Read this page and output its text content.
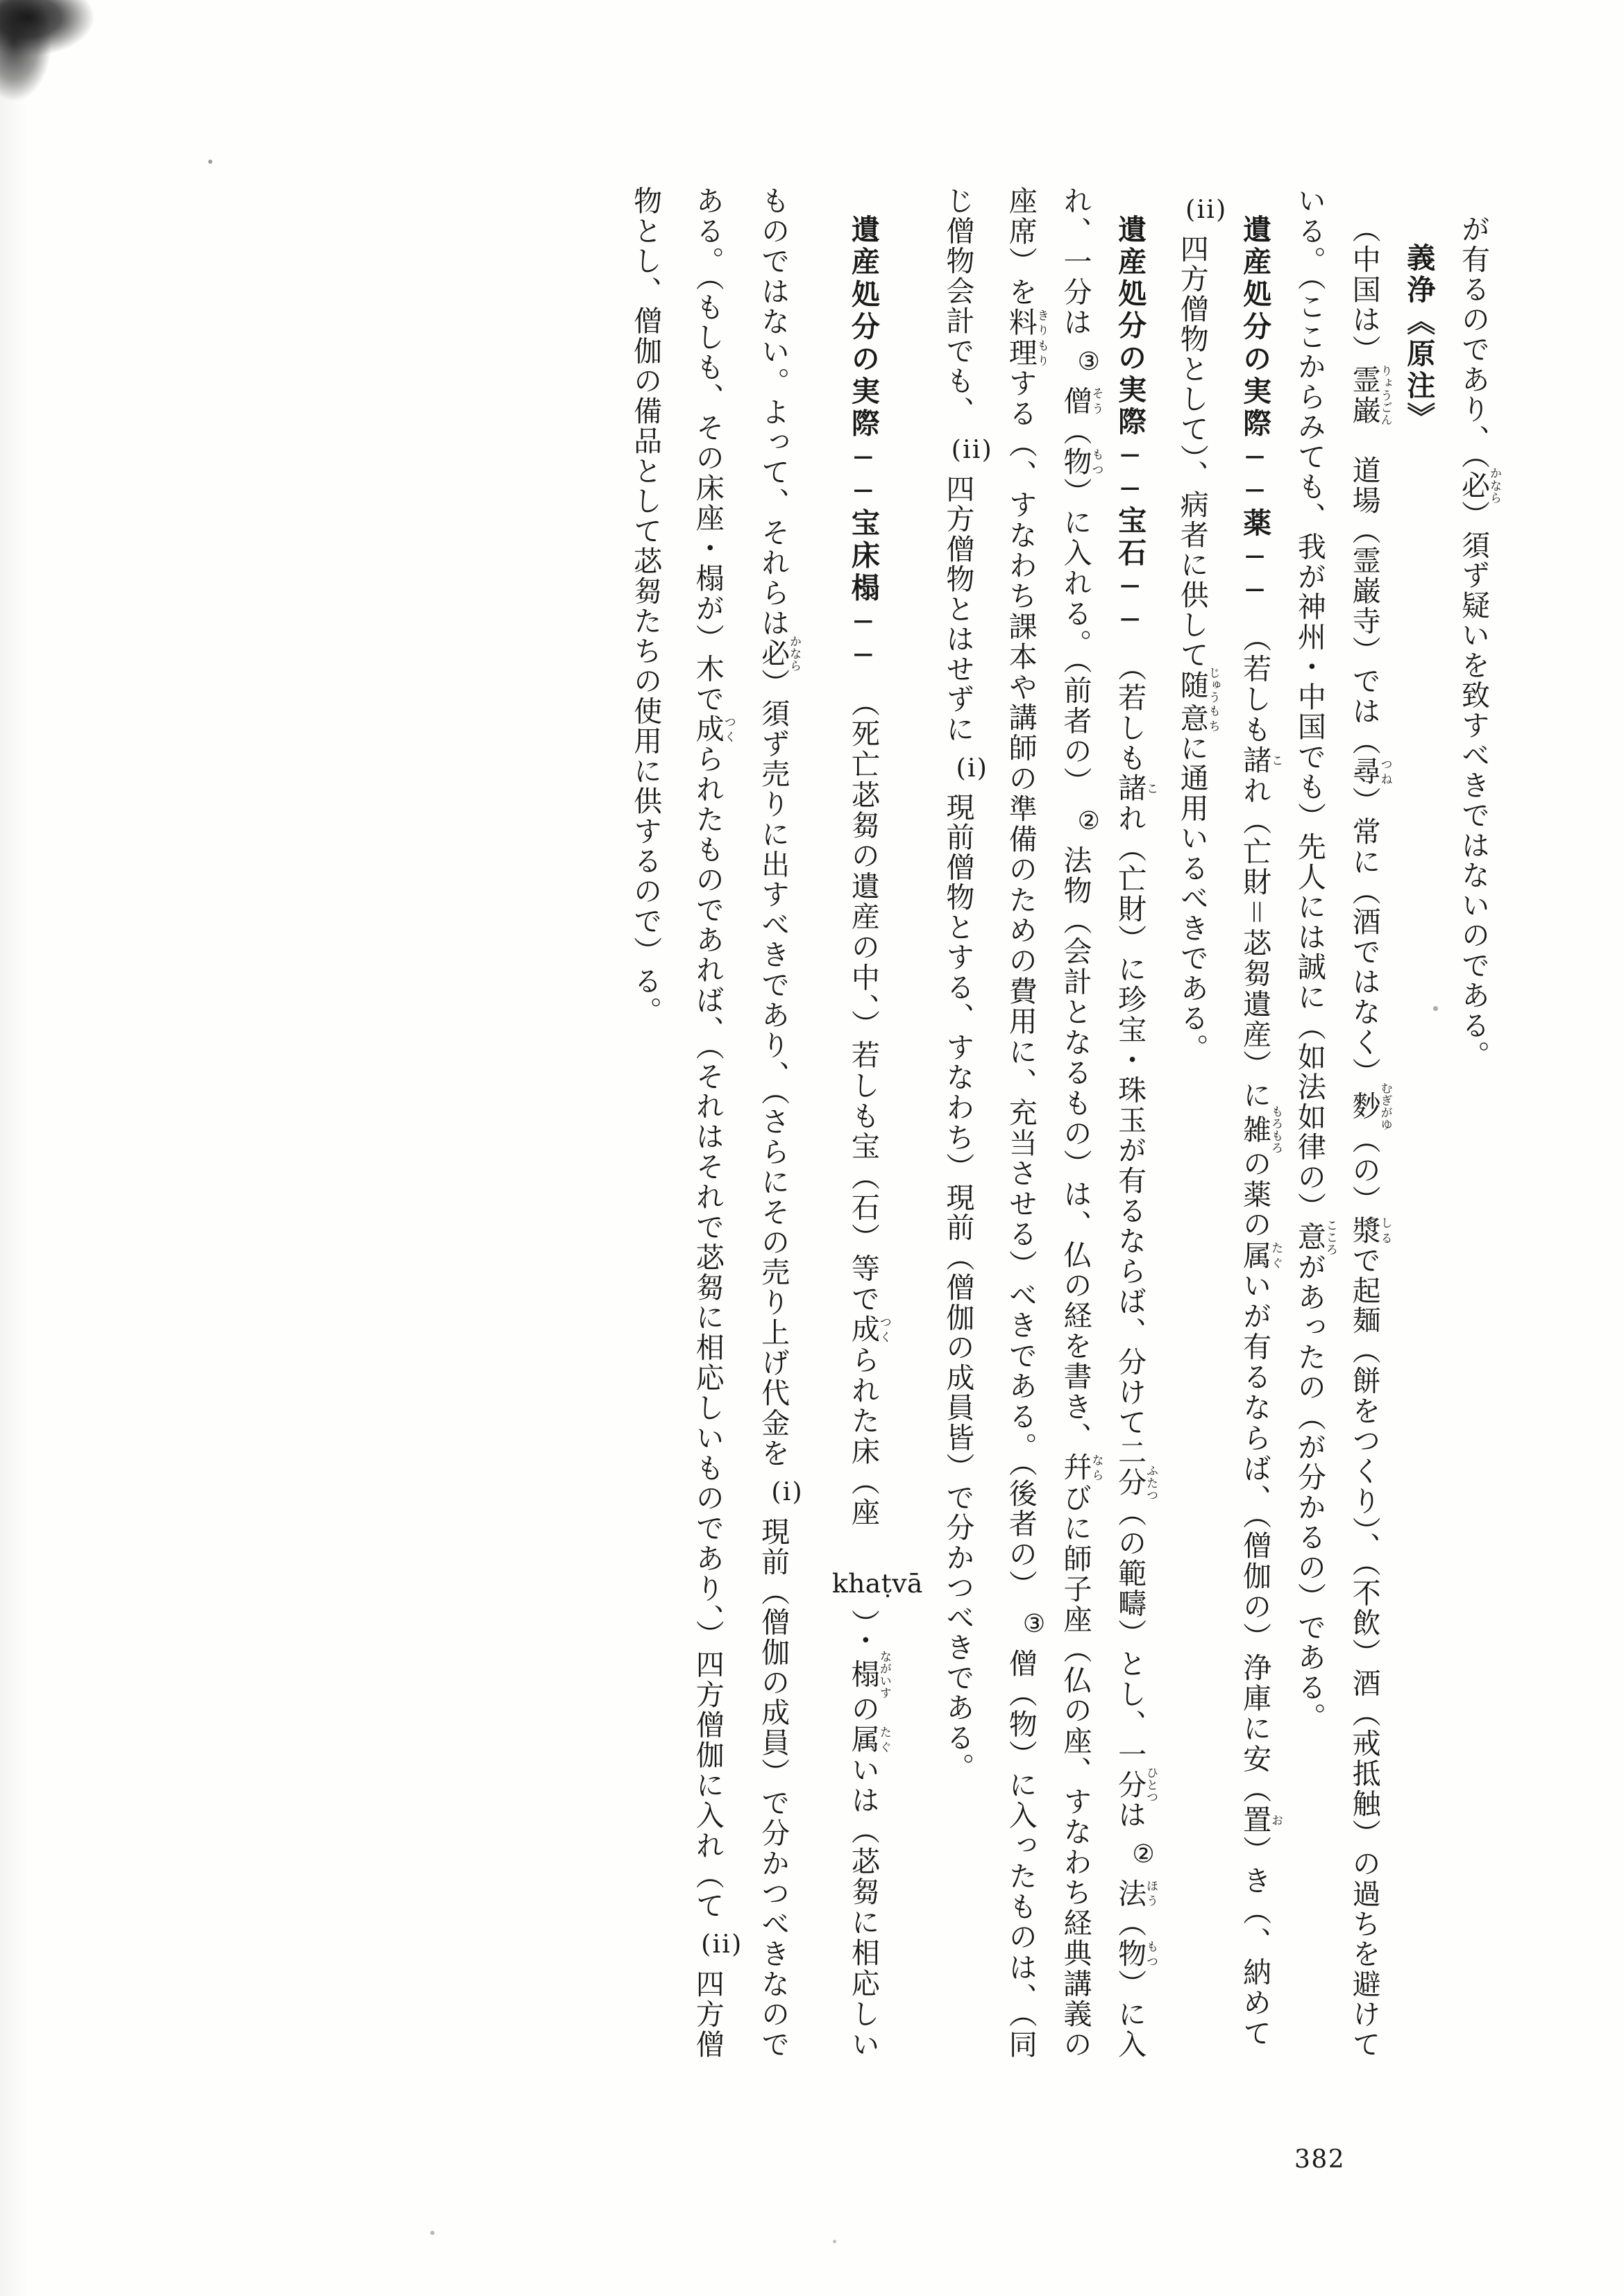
が有るのであり、（必かなら）須ず疑いを致すべきではないのである。

義浄《原注》

（中国は）霊巌りょうごん　道場（霊巌寺）では（尋つね）常に（酒ではなく）麨むぎがゆ（の）漿しるで起麺（餅をつくり）、（不飲）酒（戒抵触）の過ちを避けている。（ここからみても、我が神州・中国でも）先人には誠に（如法如律の）意こころがあったの（が分かるの）である。

遺産処分の実際──薬──　（若しも諸これ（亡財＝苾芻遺産）に雑もろもろの薬の属たぐいが有るならば、（僧伽の）浄庫に安（置お）き（、納めて(ii)四方僧物として）、病者に供して随じゅう意もちに通用いるべきである。

遺産処分の実際──宝石──　（若しも諸これ（亡財）に珍宝・珠玉が有るならば、分けて二分ふたつ（の範疇）とし、一分ひとつは②法ほう（物もつ）に入れ、一分は③僧そう（物もつ）に入れる。（前者の）②法物（会計となるもの）は、仏の経を書き、幷ならびに師子座（仏の座、すなわち経典講義の座席）を料理きりもりする（、すなわち課本や講師の準備のための費用に、充当させる）べきである。（後者の）③僧（物）に入ったものは、（同じ僧物会計でも、(ii)四方僧物とはせずに(i)現前僧物とする、すなわち）現前（僧伽の成員皆）で分かつべきである。

遺産処分の実際──宝床榻──　（死亡苾芻の遺産の中、）若しも宝（石）等で成つくられた床（座　khaṭvā）・榻ながいすの属たぐいは（苾芻に相応しいものではない。よって、それらは必かなら）須ず売りに出すべきであり、（さらにその売り上げ代金を(i)現前（僧伽の成員）で分かつべきなのである。（もしも、その床座・榻が）木で成つくられたものであれば、（それはそれで苾芻に相応しいものであり、）四方僧伽に入れ（て(ii)四方僧物とし、僧伽の備品として苾芻たちの使用に供するので）る。

382
